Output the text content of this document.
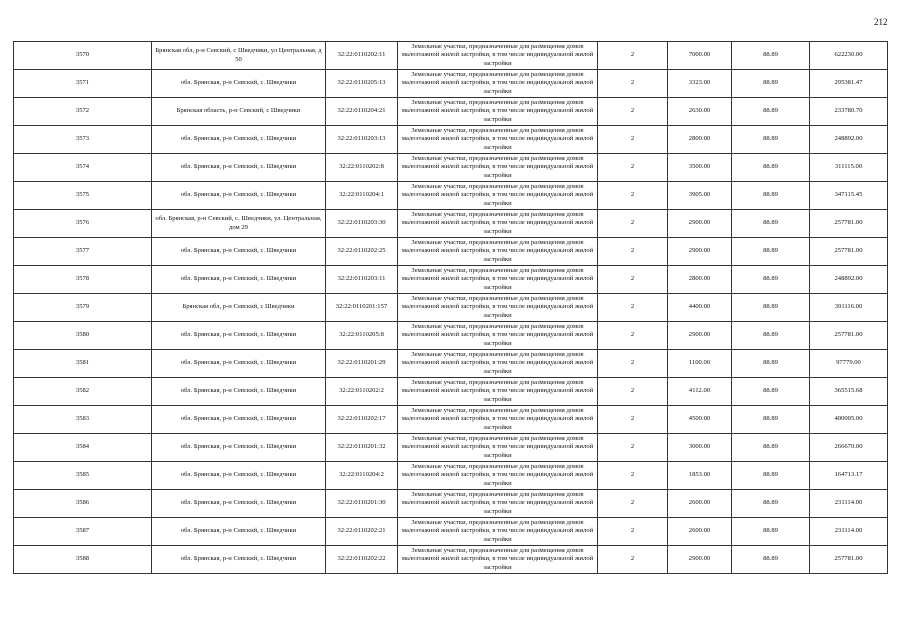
212
3570	Брянская обл, р-н Севский, с Шведчики, ул Центральная, д 50	32:22:0110202:11	Земельные участки, предназначенные для размещения домов малоэтажной жилой застройки, в том числе индивидуальной жилой застройки	2	7000.00	88.89	622230.00
3571	обл. Брянская, р-н Севский, с. Шведчики	32:22:0110205:13	Земельные участки, предназначенные для размещения домов малоэтажной жилой застройки, в том числе индивидуальной жилой застройки	2	3323.00	88.89	295381.47
3572	Брянская область, р-н Севский, с Шведчики	32:22:0110204:21	Земельные участки, предназначенные для размещения домов малоэтажной жилой застройки, в том числе индивидуальной жилой застройки	2	2630.00	88.89	233780.70
3573	обл. Брянская, р-н Севский, с. Шведчики	32:22:0110203:13	Земельные участки, предназначенные для размещения домов малоэтажной жилой застройки, в том числе индивидуальной жилой застройки	2	2800.00	88.89	248892.00
3574	обл. Брянская, р-н Севский, с. Шведчики	32:22:0110202:8	Земельные участки, предназначенные для размещения домов малоэтажной жилой застройки, в том числе индивидуальной жилой застройки	2	3500.00	88.89	311115.00
3575	обл. Брянская, р-н Севский, с. Шведчики	32:22:0110204:1	Земельные участки, предназначенные для размещения домов малоэтажной жилой застройки, в том числе индивидуальной жилой застройки	2	3905.00	88.89	347115.45
3576	обл. Брянская, р-н Севский, с. Шведчики, ул. Центральная, дом 29	32:22:0110203:30	Земельные участки, предназначенные для размещения домов малоэтажной жилой застройки, в том числе индивидуальной жилой застройки	2	2900.00	88.89	257781.00
3577	обл. Брянская, р-н Севский, с. Шведчики	32:22:0110202:25	Земельные участки, предназначенные для размещения домов малоэтажной жилой застройки, в том числе индивидуальной жилой застройки	2	2900.00	88.89	257781.00
3578	обл. Брянская, р-н Севский, с. Шведчики	32:22:0110203:11	Земельные участки, предназначенные для размещения домов малоэтажной жилой застройки, в том числе индивидуальной жилой застройки	2	2800.00	88.89	248892.00
3579	Брянская обл, р-н Севский, с Шведчики	32:22:0110201:157	Земельные участки, предназначенные для размещения домов малоэтажной жилой застройки, в том числе индивидуальной жилой застройки	2	4400.00	88.89	391116.00
3580	обл. Брянская, р-н Севский, с. Шведчики	32:22:0110205:8	Земельные участки, предназначенные для размещения домов малоэтажной жилой застройки, в том числе индивидуальной жилой застройки	2	2900.00	88.89	257781.00
3581	обл. Брянская, р-н Севский, с. Шведчики	32:22:0110201:29	Земельные участки, предназначенные для размещения домов малоэтажной жилой застройки, в том числе индивидуальной жилой застройки	2	1100.00	88.89	97779.00
3582	обл. Брянская, р-н Севский, с. Шведчики	32:22:0110202:2	Земельные участки, предназначенные для размещения домов малоэтажной жилой застройки, в том числе индивидуальной жилой застройки	2	4112.00	88.89	365515.68
3583	обл. Брянская, р-н Севский, с. Шведчики	32:22:0110202:17	Земельные участки, предназначенные для размещения домов малоэтажной жилой застройки, в том числе индивидуальной жилой застройки	2	4500.00	88.89	400005.00
3584	обл. Брянская, р-н Севский, с. Шведчики	32:22:0110201:32	Земельные участки, предназначенные для размещения домов малоэтажной жилой застройки, в том числе индивидуальной жилой застройки	2	3000.00	88.89	266670.00
3585	обл. Брянская, р-н Севский, с. Шведчики	32:22:0110204:2	Земельные участки, предназначенные для размещения домов малоэтажной жилой застройки, в том числе индивидуальной жилой застройки	2	1853.00	88.89	164713.17
3586	обл. Брянская, р-н Севский, с. Шведчики	32:22:0110201:30	Земельные участки, предназначенные для размещения домов малоэтажной жилой застройки, в том числе индивидуальной жилой застройки	2	2600.00	88.89	231114.00
3587	обл. Брянская, р-н Севский, с. Шведчики	32:22:0110202:21	Земельные участки, предназначенные для размещения домов малоэтажной жилой застройки, в том числе индивидуальной жилой застройки	2	2600.00	88.89	231114.00
3588	обл. Брянская, р-н Севский, с. Шведчики	32:22:0110202:22	Земельные участки, предназначенные для размещения домов малоэтажной жилой застройки, в том числе индивидуальной жилой застройки	2	2900.00	88.89	257781.00
